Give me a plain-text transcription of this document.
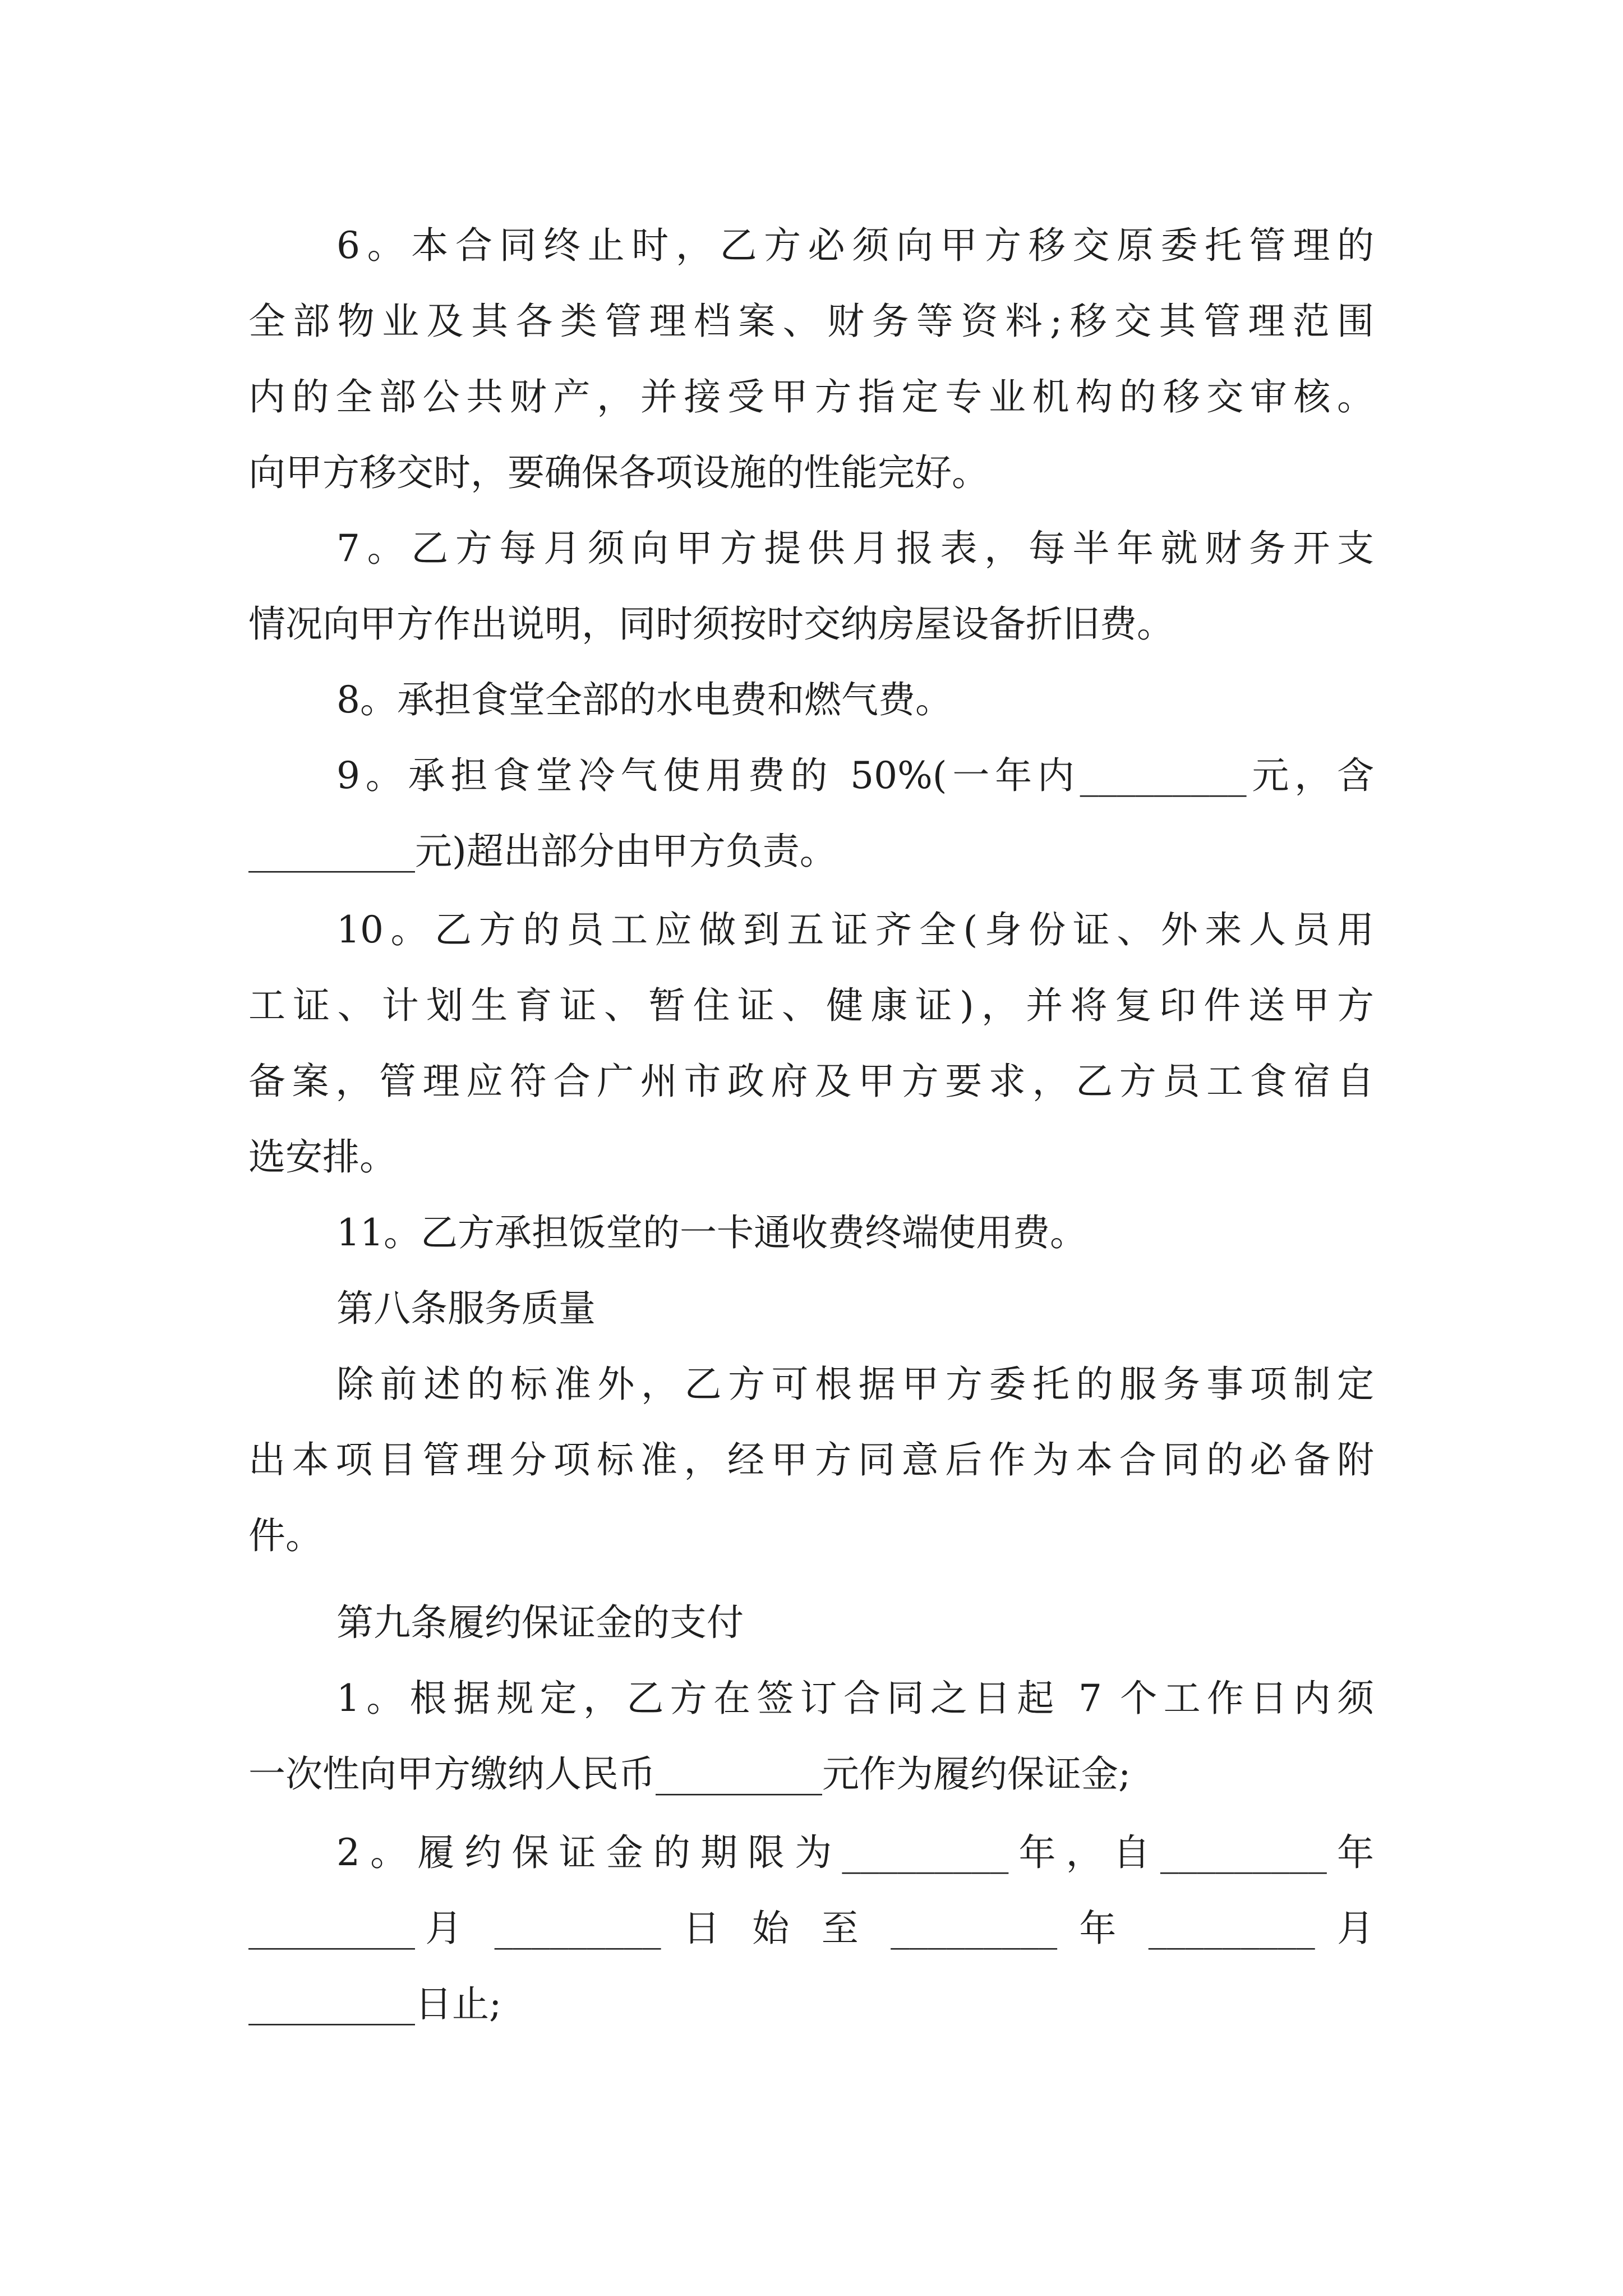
6。本合同终止时，乙方必须向甲方移交原委托管理的
全部物业及其各类管理档案、财务等资料;移交其管理范围
内的全部公共财产，并接受甲方指定专业机构的移交审核。
向甲方移交时，要确保各项设施的性能完好。
7。乙方每月须向甲方提供月报表，每半年就财务开支
情况向甲方作出说明，同时须按时交纳房屋设备折旧费。
8。承担食堂全部的水电费和燃气费。
9。承担食堂冷气使用费的 50%(一年内_________元，含
_________元)超出部分由甲方负责。
10。乙方的员工应做到五证齐全(身份证、外来人员用
工证、计划生育证、暂住证、健康证)，并将复印件送甲方
备案，管理应符合广州市政府及甲方要求，乙方员工食宿自
选安排。
11。乙方承担饭堂的一卡通收费终端使用费。
第八条服务质量
除前述的标准外，乙方可根据甲方委托的服务事项制定
出本项目管理分项标准，经甲方同意后作为本合同的必备附
件。
第九条履约保证金的支付
1。根据规定，乙方在签订合同之日起 7 个工作日内须
一次性向甲方缴纳人民币_________元作为履约保证金;
2。履约保证金的期限为_________年，自_________年
_________月 _________ 日 始 至 _________ 年 _________ 月
_________日止;
